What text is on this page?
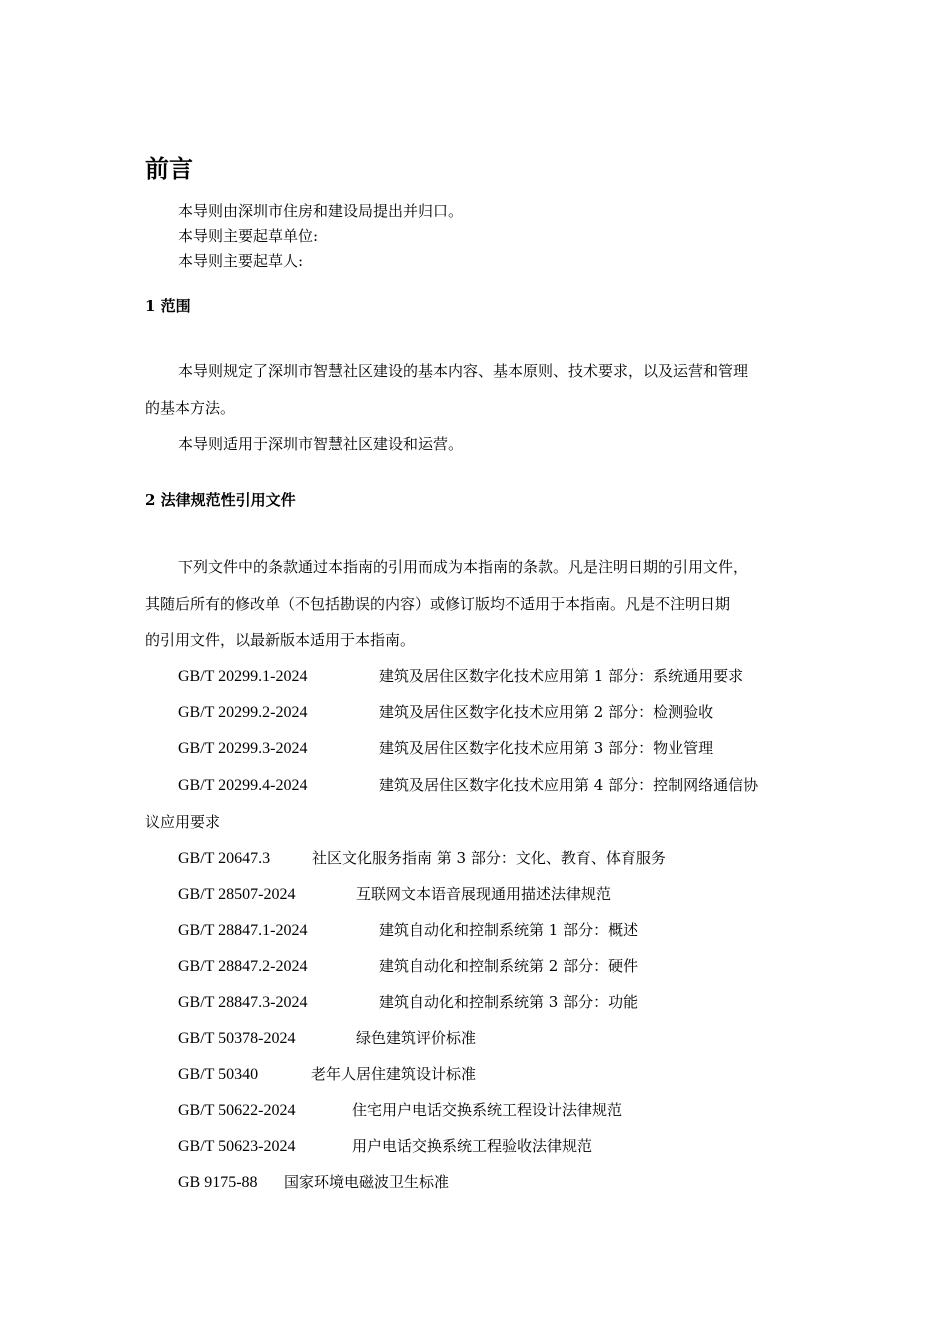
前言
本导则由深圳市住房和建设局提出并归口。
本导则主要起草单位:
本导则主要起草人:
1 范围
本导则规定了深圳市智慧社区建设的基本内容、基本原则、技术要求，以及运营和管理
的基本方法。
本导则适用于深圳市智慧社区建设和运营。
2 法律规范性引用文件
下列文件中的条款通过本指南的引用而成为本指南的条款。凡是注明日期的引用文件，
其随后所有的修改单（不包括勘误的内容）或修订版均不适用于本指南。凡是不注明日期
的引用文件，以最新版本适用于本指南。
GB/T 20299.1-2024	建筑及居住区数字化技术应用第 1 部分：系统通用要求
GB/T 20299.2-2024	建筑及居住区数字化技术应用第 2 部分：检测验收
GB/T 20299.3-2024	建筑及居住区数字化技术应用第 3 部分：物业管理
GB/T 20299.4-2024	建筑及居住区数字化技术应用第 4 部分：控制网络通信协
议应用要求
GB/T 20647.3	社区文化服务指南 第 3 部分：文化、教育、体育服务
GB/T 28507-2024	互联网文本语音展现通用描述法律规范
GB/T 28847.1-2024	建筑自动化和控制系统第 1 部分：概述
GB/T 28847.2-2024	建筑自动化和控制系统第 2 部分：硬件
GB/T 28847.3-2024	建筑自动化和控制系统第 3 部分：功能
GB/T 50378-2024	绿色建筑评价标准
GB/T 50340	老年人居住建筑设计标准
GB/T 50622-2024	住宅用户电话交换系统工程设计法律规范
GB/T 50623-2024	用户电话交换系统工程验收法律规范
GB 9175-88 国家环境电磁波卫生标准
